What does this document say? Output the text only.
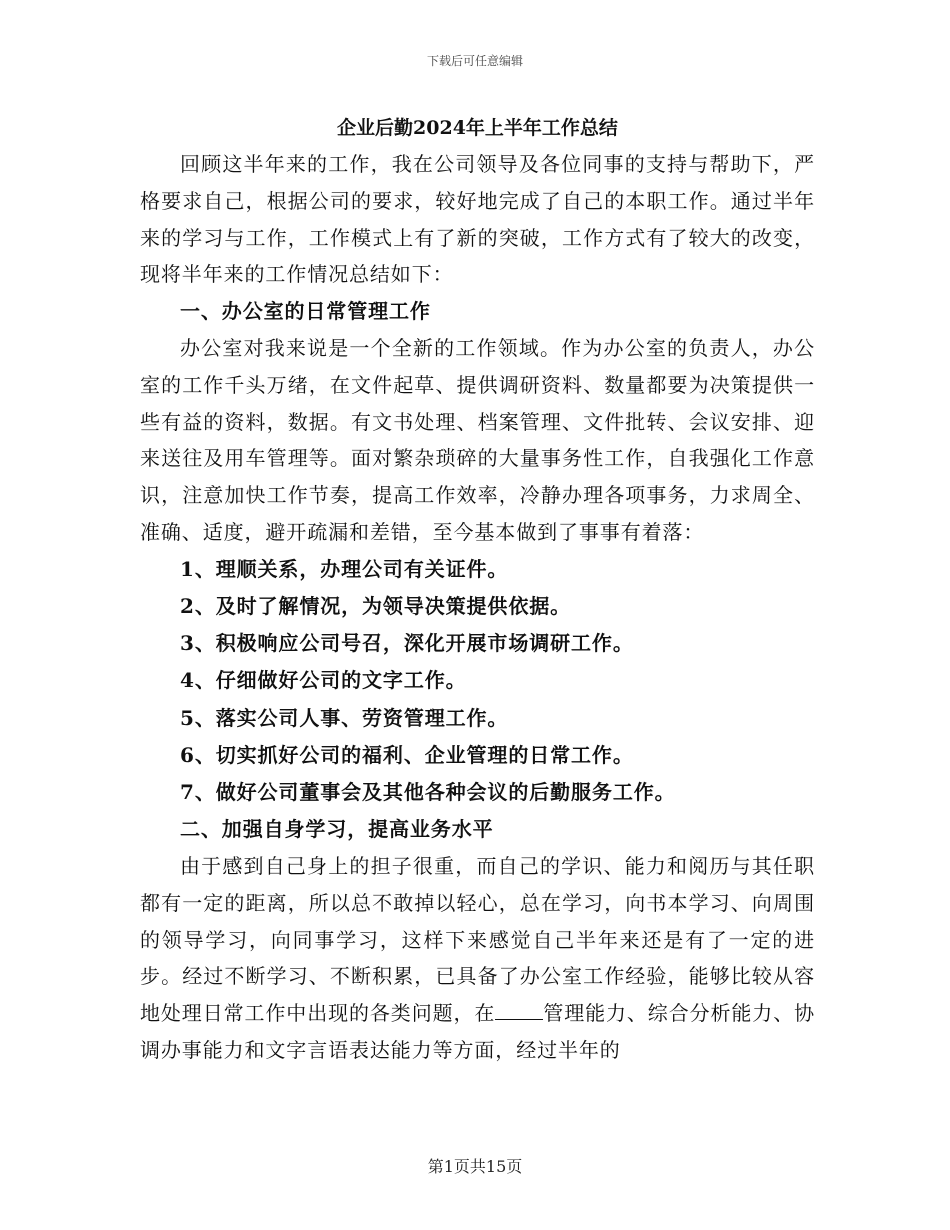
下载后可任意编辑
企业后勤2024年上半年工作总结

回顾这半年来的工作，我在公司领导及各位同事的支持与帮助下，严格要求自己，根据公司的要求，较好地完成了自己的本职工作。通过半年来的学习与工作，工作模式上有了新的突破，工作方式有了较大的改变，现将半年来的工作情况总结如下：

一、办公室的日常管理工作

办公室对我来说是一个全新的工作领域。作为办公室的负责人，办公室的工作千头万绪，在文件起草、提供调研资料、数量都要为决策提供一些有益的资料，数据。有文书处理、档案管理、文件批转、会议安排、迎来送往及用车管理等。面对繁杂琐碎的大量事务性工作，自我强化工作意识，注意加快工作节奏，提高工作效率，冷静办理各项事务，力求周全、准确、适度，避开疏漏和差错，至今基本做到了事事有着落：

1、理顺关系，办理公司有关证件。
2、及时了解情况，为领导决策提供依据。
3、积极响应公司号召，深化开展市场调研工作。
4、仔细做好公司的文字工作。
5、落实公司人事、劳资管理工作。
6、切实抓好公司的福利、企业管理的日常工作。
7、做好公司董事会及其他各种会议的后勤服务工作。

二、加强自身学习，提高业务水平

由于感到自己身上的担子很重，而自己的学识、能力和阅历与其任职都有一定的距离，所以总不敢掉以轻心，总在学习，向书本学习、向周围的领导学习，向同事学习，这样下来感觉自己半年来还是有了一定的进步。经过不断学习、不断积累，已具备了办公室工作经验，能够比较从容地处理日常工作中出现的各类问题，在 管理能力、综合分析能力、协调办事能力和文字言语表达能力等方面，经过半年的

第1页共15页
